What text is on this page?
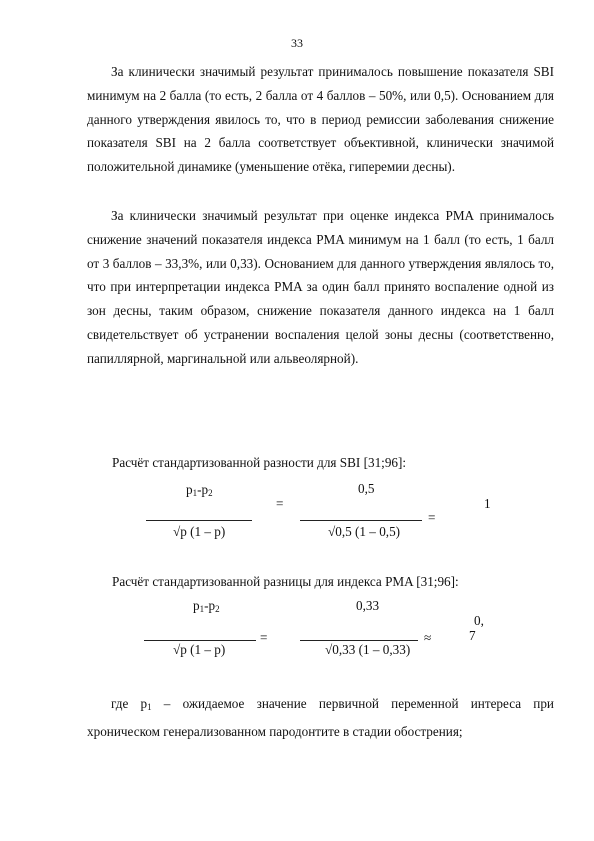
33

За клинически значимый результат принималось повышение показателя SBI минимум на 2 балла (то есть, 2 балла от 4 баллов – 50%, или 0,5). Основанием для данного утверждения явилось то, что в период ремиссии заболевания снижение показателя SBI на 2 балла соответствует объективной, клинически значимой положительной динамике (уменьшение отёка, гиперемии десны).

За клинически значимый результат при оценке индекса PMA принималось снижение значений показателя индекса PMA минимум на 1 балл (то есть, 1 балл от 3 баллов – 33,3%, или 0,33). Основанием для данного утверждения являлось то, что при интерпретации индекса PMA за один балл принято воспаление одной из зон десны, таким образом, снижение показателя данного индекса на 1 балл свидетельствует об устранении воспаления целой зоны десны (соответственно, папиллярной, маргинальной или альвеолярной).

Расчёт стандартизованной разности для SBI [31;96]:
$p_1-p_2$
=
0,5
1
=
√p (1 – p)	√0,5 (1 – 0,5)
Расчёт стандартизованной разницы для индекса PMA [31;96]:
$p_1-p_2$	0,33
0,
=	≈	7
√p (1 – p)	√0,33 (1 – 0,33)

где $p_1$ – ожидаемое значение первичной переменной интереса при хроническом генерализованном пародонтите в стадии обострения;
